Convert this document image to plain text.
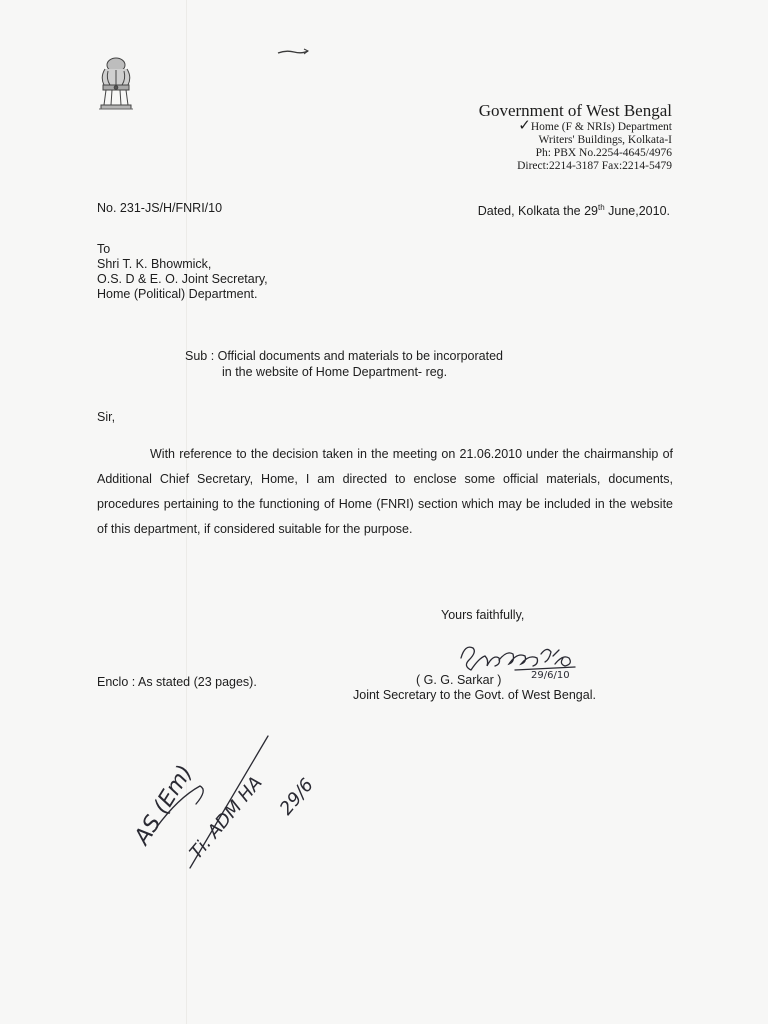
Government of West Bengal
✓Home (F & NRIs) Department
Writers' Buildings, Kolkata-I
Ph: PBX No.2254-4645/4976
Direct:2214-3187 Fax:2214-5479
No. 231-JS/H/FNRI/10	Dated, Kolkata the 29th June,2010.
To
Shri T. K. Bhowmick,
O.S. D & E. O. Joint Secretary,
Home (Political) Department.
Sub : Official documents and materials to be incorporated
in the website of Home Department- reg.
Sir,
With reference to the decision taken in the meeting on 21.06.2010 under the chairmanship of Additional Chief Secretary, Home, I am directed to enclose some official materials, documents, procedures pertaining to the functioning of Home (FNRI) section which may be included in the website of this department, if considered suitable for the purpose.
Yours faithfully,
29/6/10
Enclo : As stated (23 pages).	( G. G. Sarkar )
Joint Secretary to the Govt. of West Bengal.
AS (Em)
Ti. ADM HA 29/6
